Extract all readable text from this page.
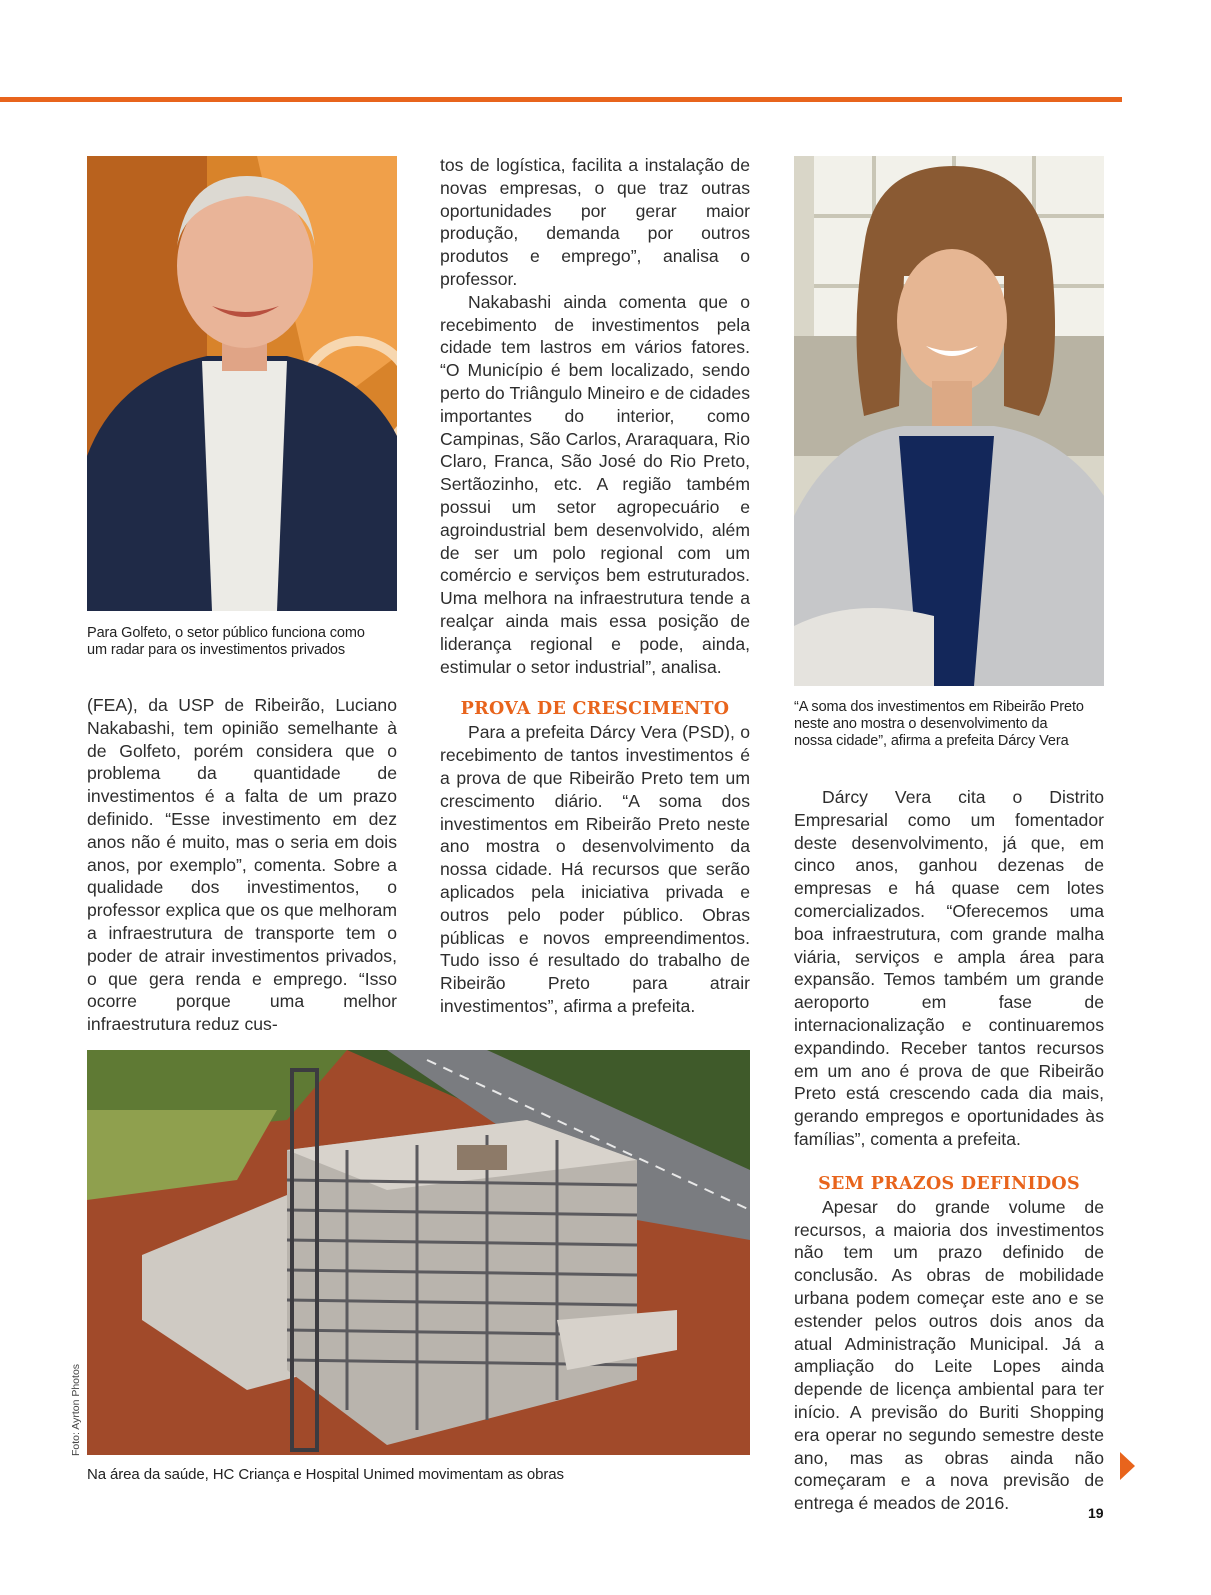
Para Golfeto, o setor público funciona como
um radar para os investimentos privados

(FEA), da USP de Ribeirão, Luciano Nakabashi, tem opinião semelhante à de Golfeto, porém considera que o problema da quantidade de investimentos é a falta de um prazo definido. “Esse investimento em dez anos não é muito, mas o seria em dois anos, por exemplo”, comenta. Sobre a qualidade dos investimentos, o professor explica que os que melhoram a infraestrutura de transporte tem o poder de atrair investimentos privados, o que gera renda e emprego. “Isso ocorre porque uma melhor infraestrutura reduz cus-

tos de logística, facilita a instalação de novas empresas, o que traz outras oportunidades por gerar maior produção, demanda por outros produtos e emprego”, analisa o professor.

Nakabashi ainda comenta que o recebimento de investimentos pela cidade tem lastros em vários fatores. “O Município é bem localizado, sendo perto do Triângulo Mineiro e de cidades importantes do interior, como Campinas, São Carlos, Araraquara, Rio Claro, Franca, São José do Rio Preto, Sertãozinho, etc. A região também possui um setor agropecuário e agroindustrial bem desenvolvido, além de ser um polo regional com um comércio e serviços bem estruturados. Uma melhora na infraestrutura tende a realçar ainda mais essa posição de liderança regional e pode, ainda, estimular o setor industrial”, analisa.

PROVA DE CRESCIMENTO

Para a prefeita Dárcy Vera (PSD), o recebimento de tantos investimentos é a prova de que Ribeirão Preto tem um crescimento diário. “A soma dos investimentos em Ribeirão Preto neste ano mostra o desenvolvimento da nossa cidade. Há recursos que serão aplicados pela iniciativa privada e outros pelo poder público. Obras públicas e novos empreendimentos. Tudo isso é resultado do trabalho de Ribeirão Preto para atrair investimentos”, afirma a prefeita.

“A soma dos investimentos em Ribeirão Preto
neste ano mostra o desenvolvimento da
nossa cidade”, afirma a prefeita Dárcy Vera

Dárcy Vera cita o Distrito Empresarial como um fomentador deste desenvolvimento, já que, em cinco anos, ganhou dezenas de empresas e há quase cem lotes comercializados. “Oferecemos uma boa infraestrutura, com grande malha viária, serviços e ampla área para expansão. Temos também um grande aeroporto em fase de internacionalização e continuaremos expandindo. Receber tantos recursos em um ano é prova de que Ribeirão Preto está crescendo cada dia mais, gerando empregos e oportunidades às famílias”, comenta a prefeita.

SEM PRAZOS DEFINIDOS

Apesar do grande volume de recursos, a maioria dos investimentos não tem um prazo definido de conclusão. As obras de mobilidade urbana podem começar este ano e se estender pelos outros dois anos da atual Administração Municipal. Já a ampliação do Leite Lopes ainda depende de licença ambiental para ter início. A previsão do Buriti Shopping era operar no segundo semestre deste ano, mas as obras ainda não começaram e a nova previsão de entrega é meados de 2016.

Foto: Ayrton Photos
Na área da saúde, HC Criança e Hospital Unimed movimentam as obras
19
